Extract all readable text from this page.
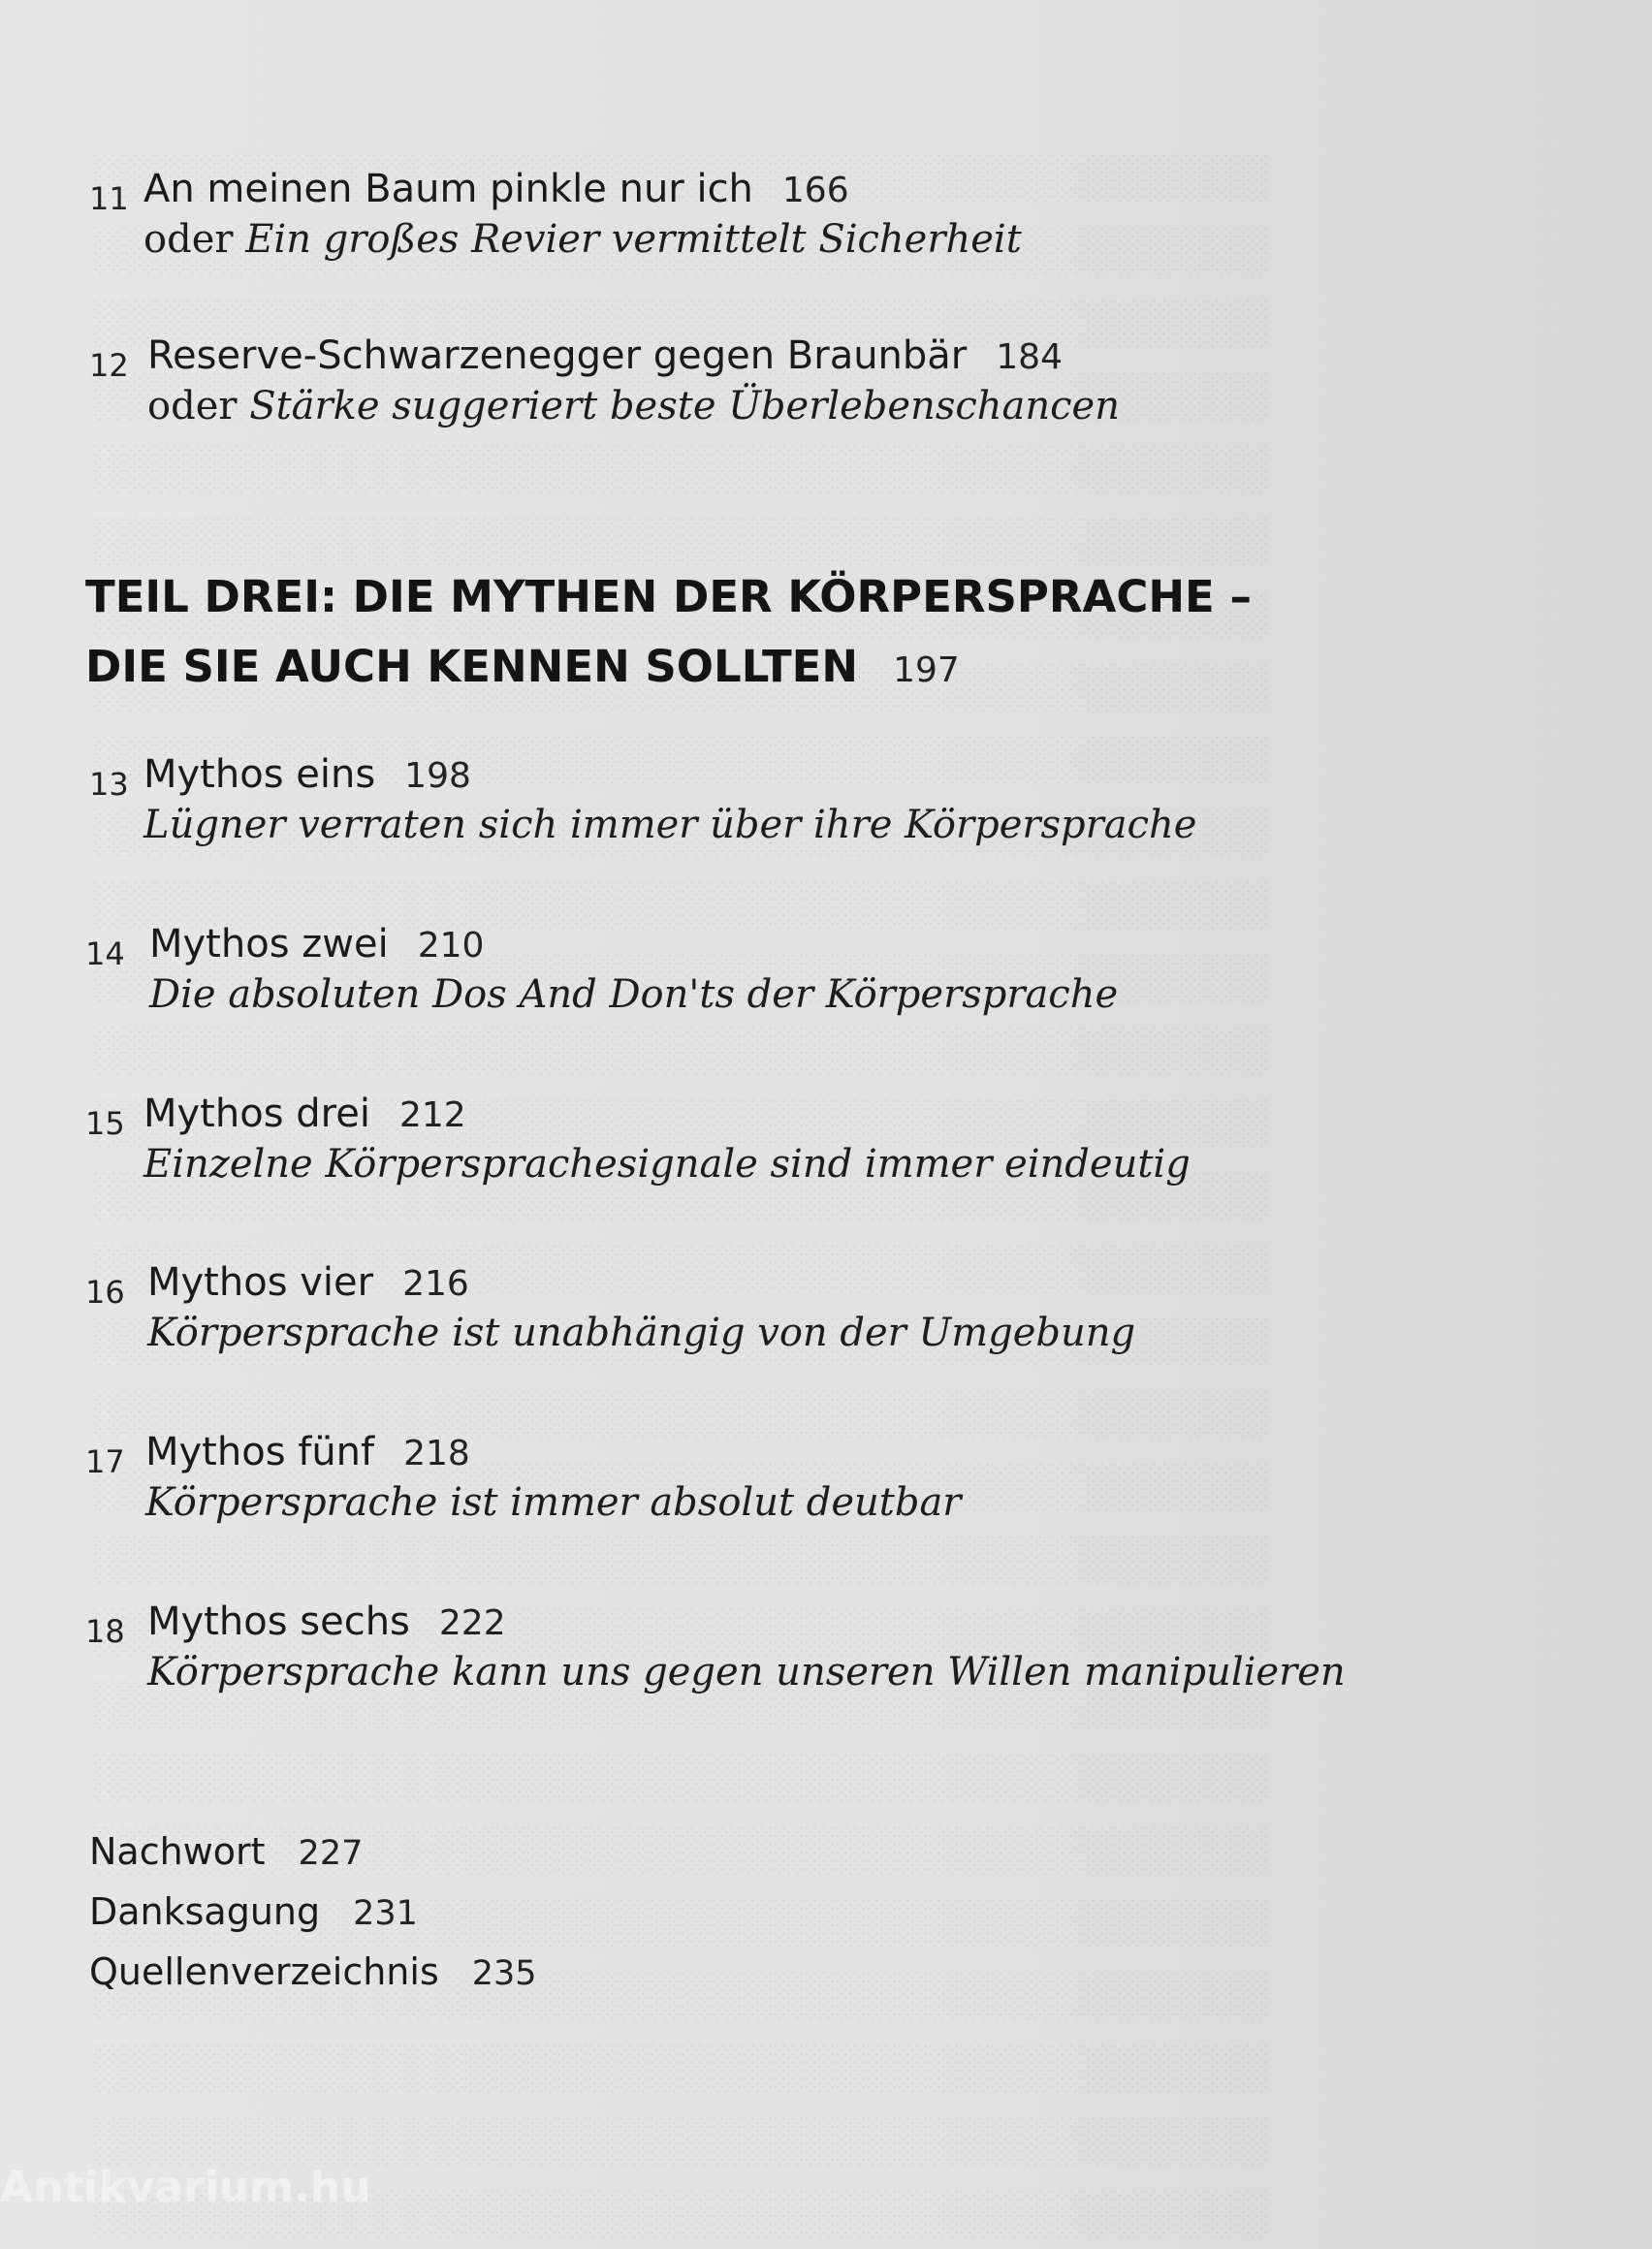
11 An meinen Baum pinkle nur ich 166
oder Ein großes Revier vermittelt Sicherheit
12 Reserve-Schwarzenegger gegen Braunbär 184
oder Stärke suggeriert beste Überlebenschancen
TEIL DREI: DIE MYTHEN DER KÖRPERSPRACHE –
DIE SIE AUCH KENNEN SOLLTEN 197
13 Mythos eins 198
Lügner verraten sich immer über ihre Körpersprache
14 Mythos zwei 210
Die absoluten Dos And Don'ts der Körpersprache
15 Mythos drei 212
Einzelne Körpersprachesignale sind immer eindeutig
16 Mythos vier 216
Körpersprache ist unabhängig von der Umgebung
17 Mythos fünf 218
Körpersprache ist immer absolut deutbar
18 Mythos sechs 222
Körpersprache kann uns gegen unseren Willen manipulieren
Nachwort 227
Danksagung 231
Quellenverzeichnis 235
Antikvarium.hu
